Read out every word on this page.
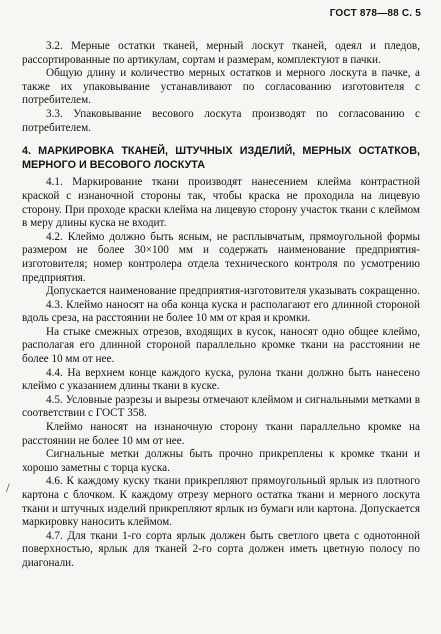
ГОСТ 878—88 С. 5

3.2. Мерные остатки тканей, мерный лоскут тканей, одеял и пледов, рассортированные по артикулам, сортам и размерам, комплектуют в пачки.

Общую длину и количество мерных остатков и мерного лоскута в пачке, а также их упаковывание устанавливают по согласованию изготовителя с потребителем.

3.3. Упаковывание весового лоскута производят по согласованию с потребителем.

4. МАРКИРОВКА ТКАНЕЙ, ШТУЧНЫХ ИЗДЕЛИЙ, МЕРНЫХ ОСТАТКОВ, МЕРНОГО И ВЕСОВОГО ЛОСКУТА

4.1. Маркирование ткани производят нанесением клейма контрастной краской с изнаночной стороны так, чтобы краска не проходила на лицевую сторону. При проходе краски клейма на лицевую сторону участок ткани с клеймом в меру длины куска не входит.

4.2. Клеймо должно быть ясным, не расплывчатым, прямоугольной формы размером не более 30×100 мм и содержать наименование предприятия-изготовителя; номер контролера отдела технического контроля по усмотрению предприятия.

Допускается наименование предприятия-изготовителя указывать сокращенно.

4.3. Клеймо наносят на оба конца куска и располагают его длинной стороной вдоль среза, на расстоянии не более 10 мм от края и кромки.

На стыке смежных отрезов, входящих в кусок, наносят одно общее клеймо, располагая его длинной стороной параллельно кромке ткани на расстоянии не более 10 мм от нее.

4.4. На верхнем конце каждого куска, рулона ткани должно быть нанесено клеймо с указанием длины ткани в куске.

4.5. Условные разрезы и вырезы отмечают клеймом и сигнальными метками в соответствии с ГОСТ 358.

Клеймо наносят на изнаночную сторону ткани параллельно кромке на расстоянии не более 10 мм от нее.

Сигнальные метки должны быть прочно прикреплены к кромке ткани и хорошо заметны с торца куска.

4.6. К каждому куску ткани прикрепляют прямоугольный ярлык из плотного картона с блочком. К каждому отрезу мерного остатка ткани и мерного лоскута ткани и штучных изделий прикрепляют ярлык из бумаги или картона. Допускается маркировку наносить клеймом.

4.7. Для ткани 1-го сорта ярлык должен быть светлого цвета с однотонной поверхностью, ярлык для тканей 2-го сорта должен иметь цветную полосу по диагонали.

/
